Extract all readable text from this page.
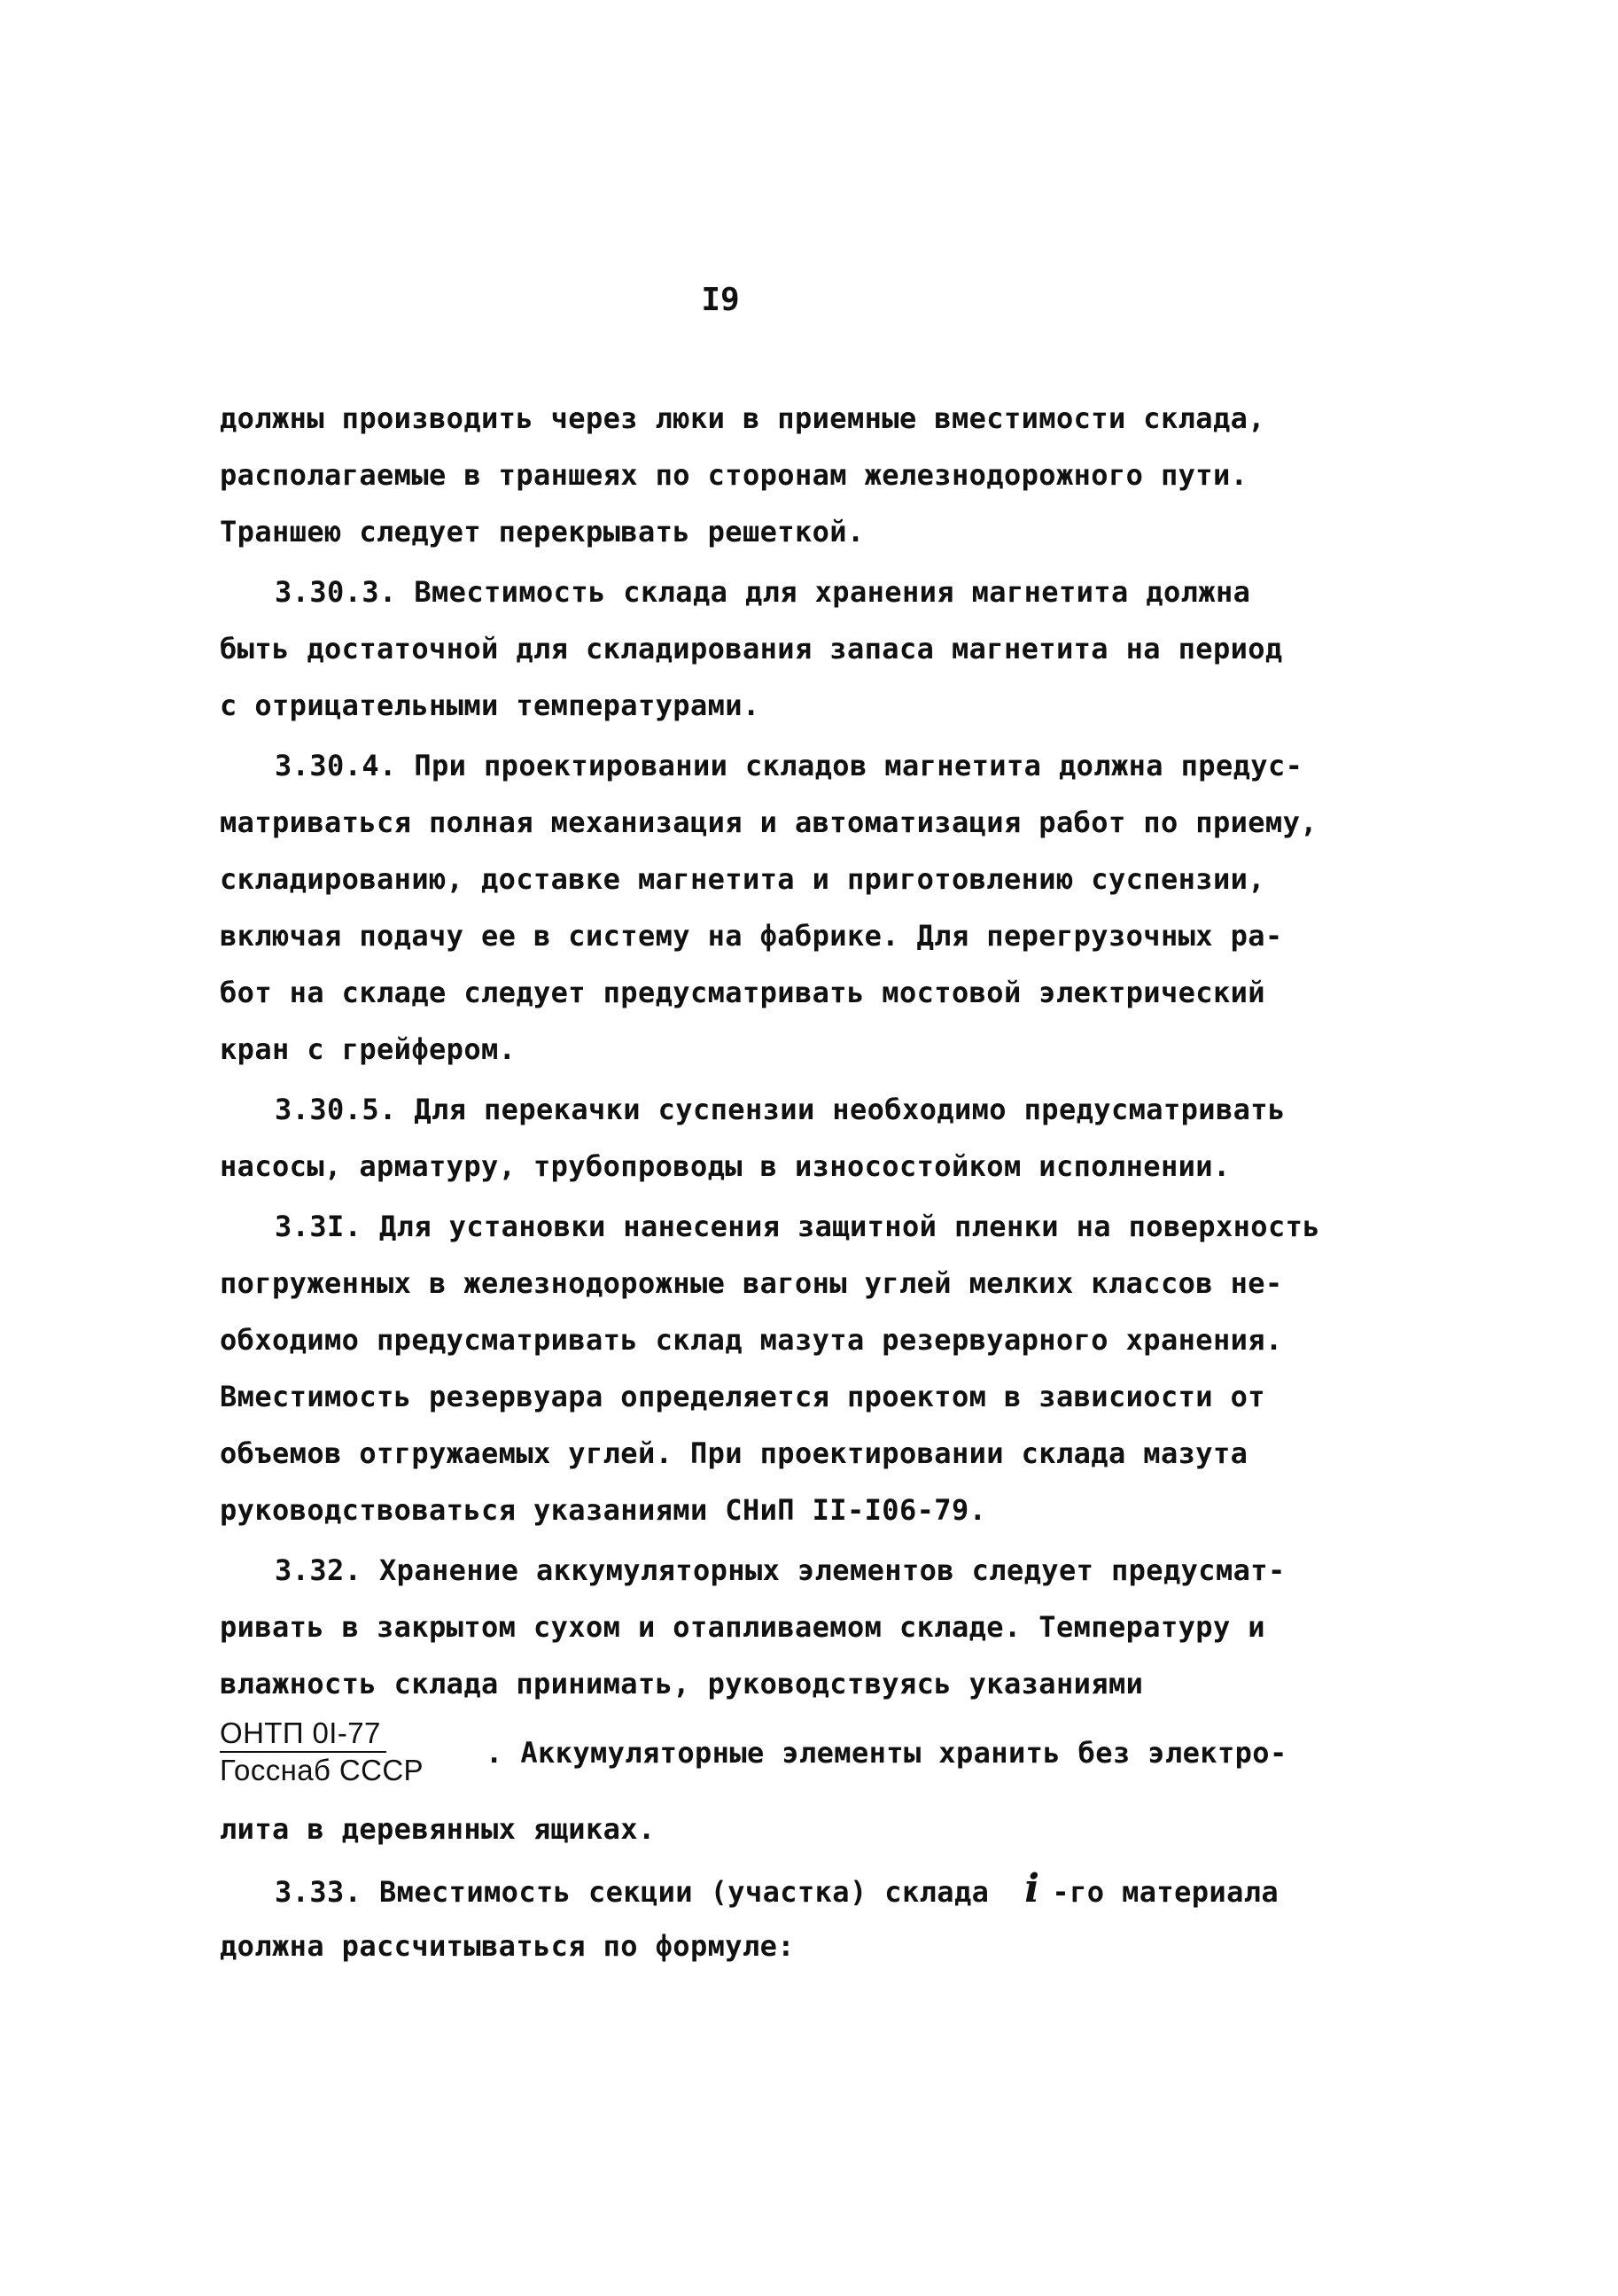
I9
должны производить через люки в приемные вместимости склада,
располагаемые в траншеях по сторонам железнодорожного пути.
Траншею следует перекрывать решеткой.
3.30.3. Вместимость склада для хранения магнетита должна
быть достаточной для складирования запаса магнетита на период
с отрицательными температурами.
3.30.4. При проектировании складов магнетита должна предус-
матриваться полная механизация и автоматизация работ по приему,
складированию, доставке магнетита и приготовлению суспензии,
включая подачу ее в систему на фабрике. Для перегрузочных ра-
бот на складе следует предусматривать мостовой электрический
кран с грейфером.
3.30.5. Для перекачки суспензии необходимо предусматривать
насосы, арматуру, трубопроводы в износостойком исполнении.
3.3I. Для установки нанесения защитной пленки на поверхность
погруженных в железнодорожные вагоны углей мелких классов не-
обходимо предусматривать склад мазута резервуарного хранения.
Вместимость резервуара определяется проектом в зависиости от
объемов отгружаемых углей. При проектировании склада мазута
руководствоваться указаниями СНиП II-I06-79.
3.32. Хранение аккумуляторных элементов следует предусмат-
ривать в закрытом сухом и отапливаемом складе. Температуру и
влажность склада принимать, руководствуясь указаниями
ОНТП 0I-77
Госснаб СССР
. Аккумуляторные элементы хранить без электро-
лита в деревянных ящиках.
3.33. Вместимость секции (участка) склада i -го материала
должна рассчитываться по формуле:
